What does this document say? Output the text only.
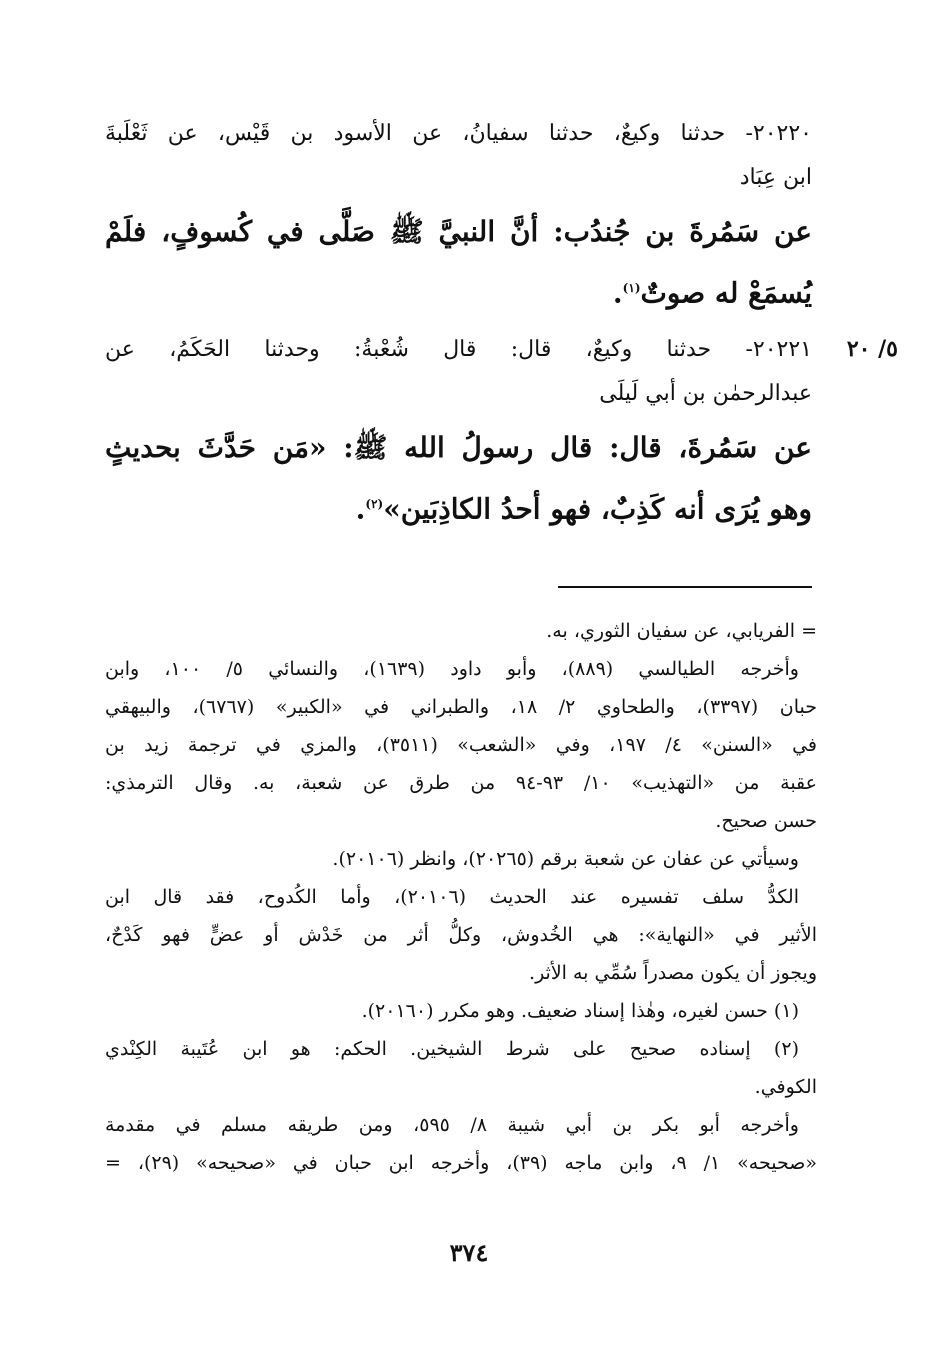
٢٠٢٢٠- حدثنا وكيعٌ، حدثنا سفيانُ، عن الأسود بن قَيْس، عن ثَعْلَبةَ
ابن عِبَاد
عن سَمُرةَ بن جُندُب: أنَّ النبيَّ ﷺ صَلَّى في كُسوفٍ، فلَمْ
يُسمَعْ له صوتٌ$^{(١)}$.
٥/ ٢٠
٢٠٢٢١- حدثنا وكيعٌ، قال: قال شُعْبةُ: وحدثنا الحَكَمُ، عن
عبدالرحمٰن بن أبي لَيلَى
عن سَمُرةَ، قال: قال رسولُ الله ﷺ: «مَن حَدَّثَ بحديثٍ
وهو يُرَى أنه كَذِبٌ، فهو أحدُ الكاذِبَين»$^{(٢)}$.
= الفريابي، عن سفيان الثوري، به.
وأخرجه الطيالسي (٨٨٩)، وأبو داود (١٦٣٩)، والنسائي ٥/ ١٠٠، وابن
حبان (٣٣٩٧)، والطحاوي ٢/ ١٨، والطبراني في «الكبير» (٦٧٦٧)، والبيهقي
في «السنن» ٤/ ١٩٧، وفي «الشعب» (٣٥١١)، والمزي في ترجمة زيد بن
عقبة من «التهذيب» ١٠/ ٩٣-٩٤ من طرق عن شعبة، به. وقال الترمذي:
حسن صحيح.
وسيأتي عن عفان عن شعبة برقم (٢٠٢٦٥)، وانظر (٢٠١٠٦).
الكدُّ سلف تفسيره عند الحديث (٢٠١٠٦)، وأما الكُدوح، فقد قال ابن
الأثير في «النهاية»: هي الخُدوش، وكلُّ أثر من خَدْش أو عضٍّ فهو كَدْحٌ،
ويجوز أن يكون مصدراً سُمِّي به الأثر.
(١) حسن لغيره، وهٰذا إسناد ضعيف. وهو مكرر (٢٠١٦٠).
(٢) إسناده صحيح على شرط الشيخين. الحكم: هو ابن عُتَيبة الكِنْدي
الكوفي.
وأخرجه أبو بكر بن أبي شيبة ٨/ ٥٩٥، ومن طريقه مسلم في مقدمة
«صحيحه» ١/ ٩، وابن ماجه (٣٩)، وأخرجه ابن حبان في «صحيحه» (٢٩)، =
٣٧٤
